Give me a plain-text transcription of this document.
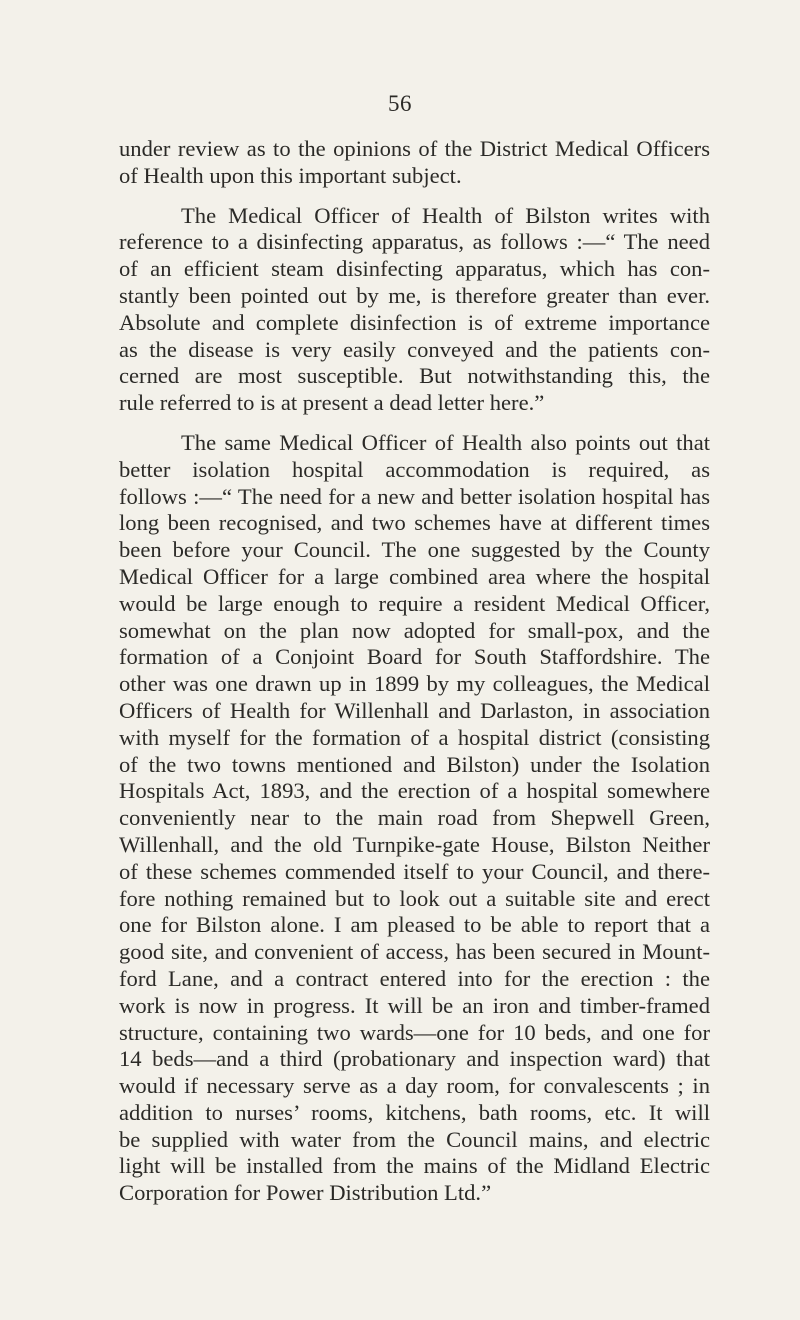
56
under review as to the opinions of the District Medical Officers
of Health upon this important subject.
The Medical Officer of Health of Bilston writes with
reference to a disinfecting apparatus, as follows :—“ The need
of an efficient steam disinfecting apparatus, which has con-
stantly been pointed out by me, is therefore greater than ever.
Absolute and complete disinfection is of extreme importance
as the disease is very easily conveyed and the patients con-
cerned are most susceptible. But notwithstanding this, the
rule referred to is at present a dead letter here.”
The same Medical Officer of Health also points out that
better isolation hospital accommodation is required, as
follows :—“ The need for a new and better isolation hospital has
long been recognised, and two schemes have at different times
been before your Council. The one suggested by the County
Medical Officer for a large combined area where the hospital
would be large enough to require a resident Medical Officer,
somewhat on the plan now adopted for small-pox, and the
formation of a Conjoint Board for South Staffordshire. The
other was one drawn up in 1899 by my colleagues, the Medical
Officers of Health for Willenhall and Darlaston, in association
with myself for the formation of a hospital district (consisting
of the two towns mentioned and Bilston) under the Isolation
Hospitals Act, 1893, and the erection of a hospital somewhere
conveniently near to the main road from Shepwell Green,
Willenhall, and the old Turnpike-gate House, Bilston Neither
of these schemes commended itself to your Council, and there-
fore nothing remained but to look out a suitable site and erect
one for Bilston alone. I am pleased to be able to report that a
good site, and convenient of access, has been secured in Mount-
ford Lane, and a contract entered into for the erection : the
work is now in progress. It will be an iron and timber-framed
structure, containing two wards—one for 10 beds, and one for
14 beds—and a third (probationary and inspection ward) that
would if necessary serve as a day room, for convalescents ; in
addition to nurses’ rooms, kitchens, bath rooms, etc. It will
be supplied with water from the Council mains, and electric
light will be installed from the mains of the Midland Electric
Corporation for Power Distribution Ltd.”
